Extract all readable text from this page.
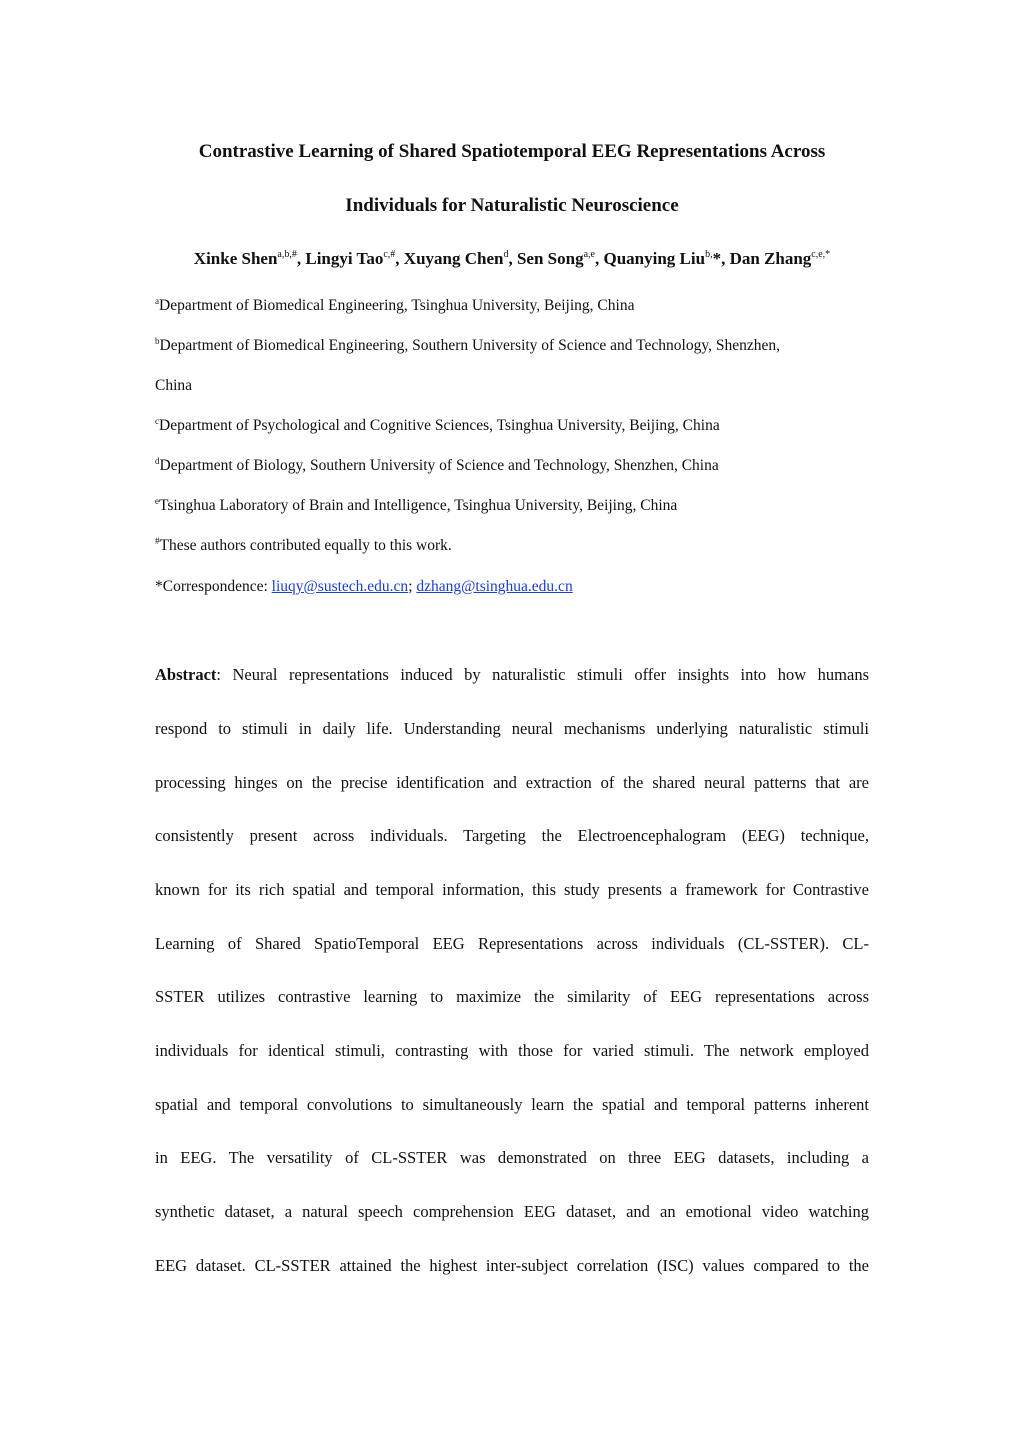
Contrastive Learning of Shared Spatiotemporal EEG Representations Across
Individuals for Naturalistic Neuroscience
Xinke Shen$^{a,b,\#}$, Lingyi Tao$^{c,\#}$, Xuyang Chen$^d$, Sen Song$^{a,e}$, Quanying Liu$^{b,}$*, Dan Zhang$^{c,e,*}$
$^a$Department of Biomedical Engineering, Tsinghua University, Beijing, China
$^b$Department of Biomedical Engineering, Southern University of Science and Technology, Shenzhen,
China
$^c$Department of Psychological and Cognitive Sciences, Tsinghua University, Beijing, China
$^d$Department of Biology, Southern University of Science and Technology, Shenzhen, China
$^e$Tsinghua Laboratory of Brain and Intelligence, Tsinghua University, Beijing, China
#These authors contributed equally to this work.
*Correspondence: liuqy@sustech.edu.cn; dzhang@tsinghua.edu.cn
Abstract: Neural representations induced by naturalistic stimuli offer insights into how humans
respond to stimuli in daily life. Understanding neural mechanisms underlying naturalistic stimuli
processing hinges on the precise identification and extraction of the shared neural patterns that are
consistently present across individuals. Targeting the Electroencephalogram (EEG) technique,
known for its rich spatial and temporal information, this study presents a framework for Contrastive
Learning of Shared SpatioTemporal EEG Representations across individuals (CL-SSTER). CL-
SSTER utilizes contrastive learning to maximize the similarity of EEG representations across
individuals for identical stimuli, contrasting with those for varied stimuli. The network employed
spatial and temporal convolutions to simultaneously learn the spatial and temporal patterns inherent
in EEG. The versatility of CL-SSTER was demonstrated on three EEG datasets, including a
synthetic dataset, a natural speech comprehension EEG dataset, and an emotional video watching
EEG dataset. CL-SSTER attained the highest inter-subject correlation (ISC) values compared to the
